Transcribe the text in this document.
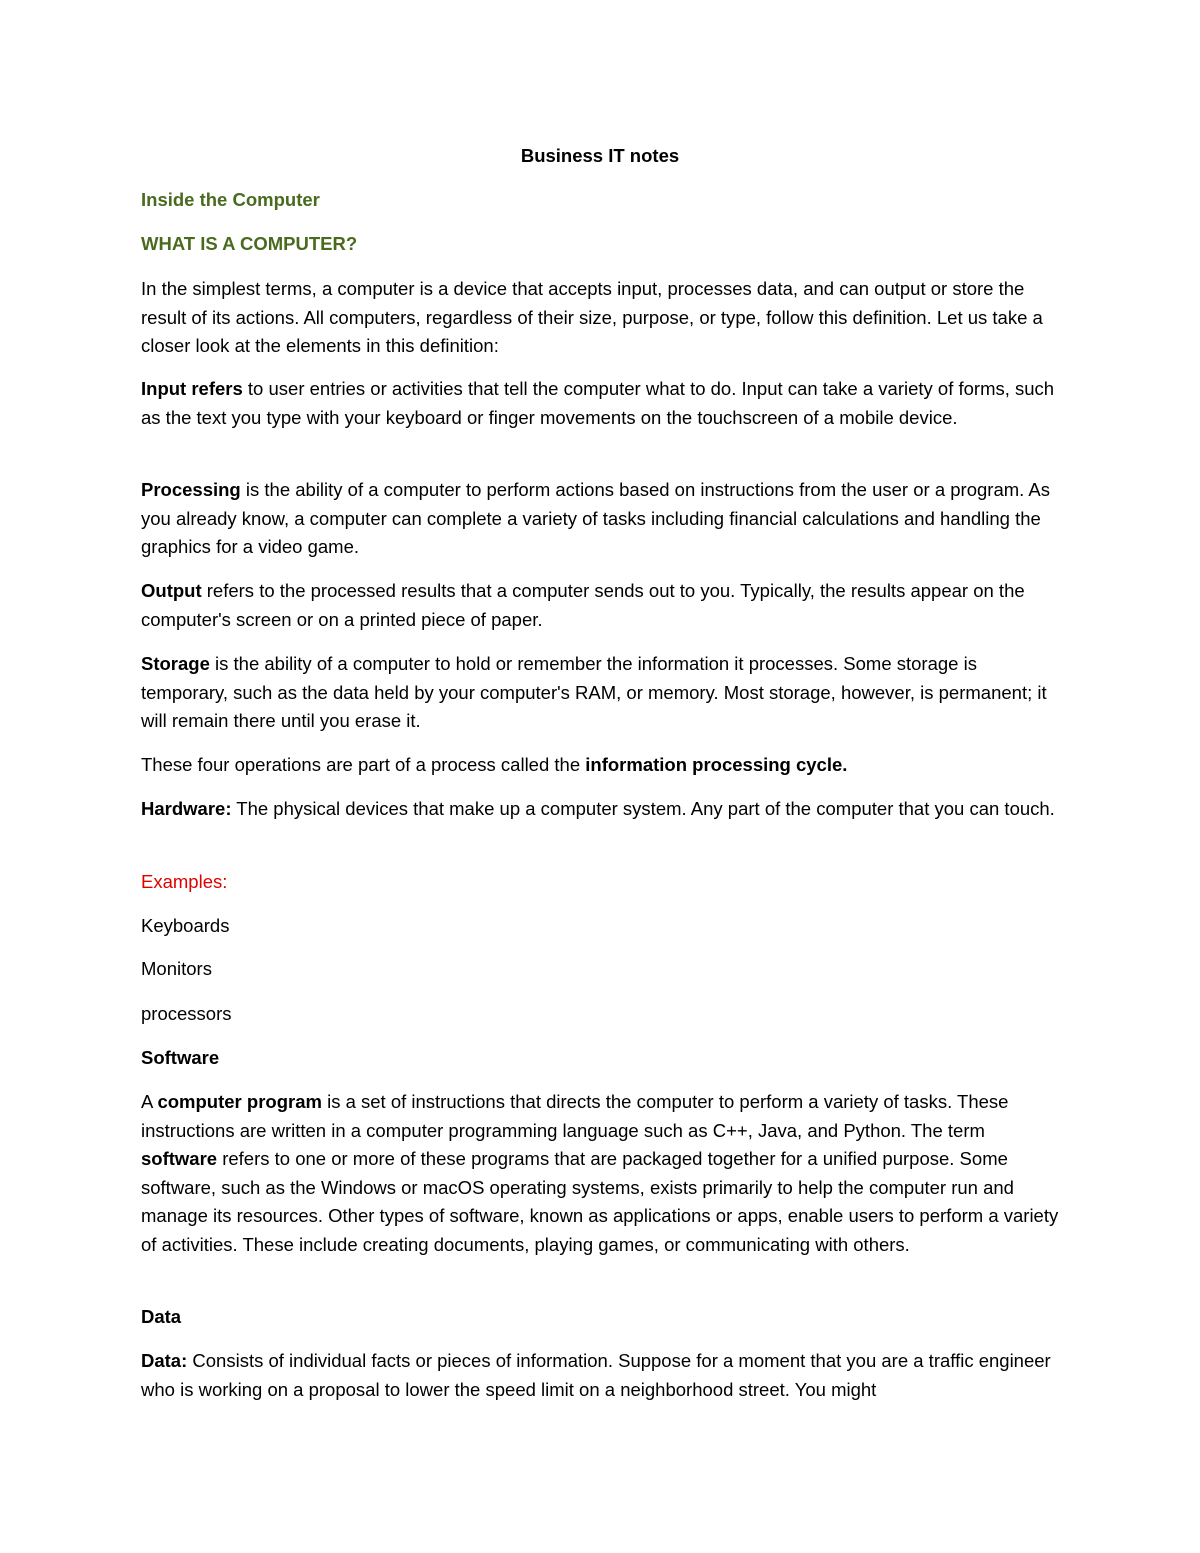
Business IT notes

Inside the Computer

WHAT IS A COMPUTER?

In the simplest terms, a computer is a device that accepts input, processes data, and can output or store the result of its actions. All computers, regardless of their size, purpose, or type, follow this definition. Let us take a closer look at the elements in this definition:

Input refers to user entries or activities that tell the computer what to do. Input can take a variety of forms, such as the text you type with your keyboard or finger movements on the touchscreen of a mobile device.

Processing is the ability of a computer to perform actions based on instructions from the user or a program. As you already know, a computer can complete a variety of tasks including financial calculations and handling the graphics for a video game.

Output refers to the processed results that a computer sends out to you. Typically, the results appear on the computer's screen or on a printed piece of paper.

Storage is the ability of a computer to hold or remember the information it processes. Some storage is temporary, such as the data held by your computer's RAM, or memory. Most storage, however, is permanent; it will remain there until you erase it.

These four operations are part of a process called the information processing cycle.

Hardware: The physical devices that make up a computer system. Any part of the computer that you can touch.

Examples:

Keyboards

Monitors

processors

Software

A computer program is a set of instructions that directs the computer to perform a variety of tasks. These instructions are written in a computer programming language such as C++, Java, and Python. The term software refers to one or more of these programs that are packaged together for a unified purpose. Some software, such as the Windows or macOS operating systems, exists primarily to help the computer run and manage its resources. Other types of software, known as applications or apps, enable users to perform a variety of activities. These include creating documents, playing games, or communicating with others.

Data

Data: Consists of individual facts or pieces of information. Suppose for a moment that you are a traffic engineer who is working on a proposal to lower the speed limit on a neighborhood street. You might
